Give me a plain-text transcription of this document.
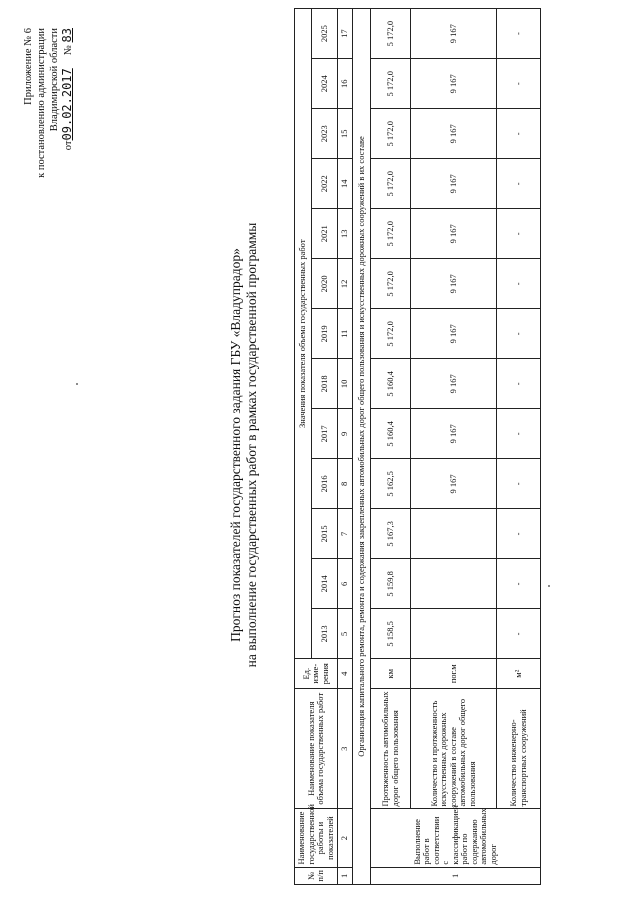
Приложение № 6 к постановлению администрации Владимирской области
от09.02.2017     № 83
Прогноз показателей государственного задания ГБУ «Владупрадор» на выполнение государственных работ в рамках государственной программы
№ п/п	Наименование государственной работы и показателей	Наименование показателя объема государственных работ	Ед. изме-рения	Значения показателя объема государственных работ												
				2013	2014	2015	2016	2017	2018	2019	2020	2021	2022	2023	2024	2025
1	2	3	4	5	6	7	8	9	10	11	12	13	14	15	16	17
Организация капитального ремонта, ремонта и содержания закрепленных автомобильных дорог общего пользования и искусственных дорожных сооружений в их составе																
1	Выполнение работ в соответствии с классификацией работ по содержанию автомобильных дорог	Протяженность автомобильных дорог общего пользования	км	5 158,5	5 159,8	5 167,3	5 162,5	5 160,4	5 160,4	5 172,0	5 172,0	5 172,0	5 172,0	5 172,0	5 172,0	5 172,0
		Количество и протяженность искусственных дорожных сооружений в составе автомобильных дорог общего пользования	пог.м				9 167	9 167	9 167	9 167	9 167	9 167	9 167	9 167	9 167	9 167
		Количество инженерно-транспортных сооружений	м²	-	-	-	-	-	-	-	-	-	-	-	-	-
